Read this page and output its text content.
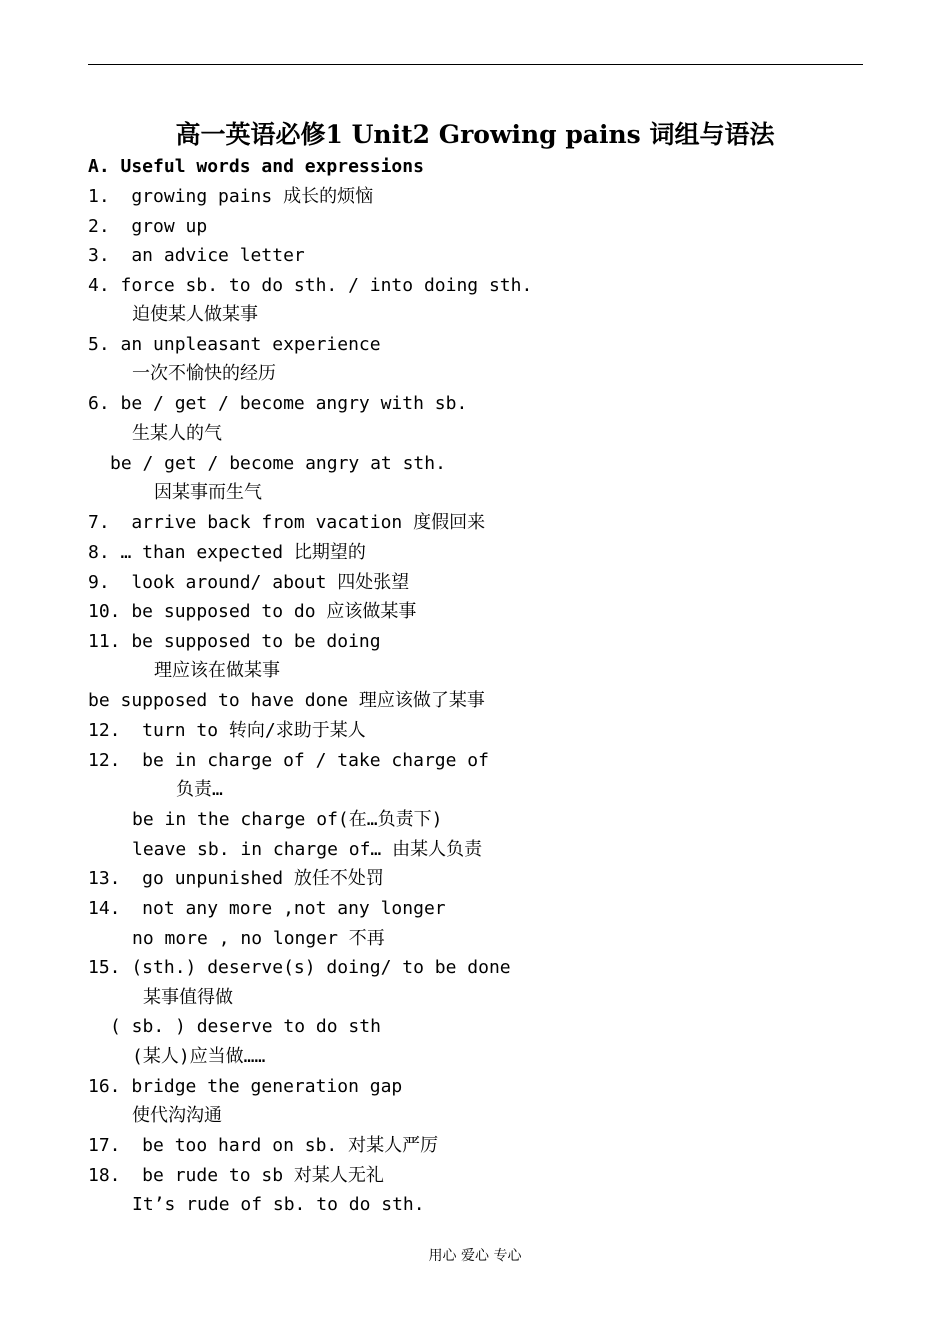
高一英语必修1 Unit2 Growing pains 词组与语法
A. Useful words and expressions
1.  growing pains 成长的烦恼
2.  grow up
3.  an advice letter
4. force sb. to do sth. / into doing sth.
迫使某人做某事
5. an unpleasant experience
一次不愉快的经历
6. be / get / become angry with sb.
生某人的气
be / get / become angry at sth.
因某事而生气
7.  arrive back from vacation 度假回来
8. … than expected 比期望的
9.  look around/ about 四处张望
10. be supposed to do 应该做某事
11. be supposed to be doing
理应该在做某事
be supposed to have done 理应该做了某事
12.  turn to 转向/求助于某人
12.  be in charge of / take charge of
负责…
be in the charge of(在…负责下)
leave sb. in charge of… 由某人负责
13.  go unpunished 放任不处罚
14.  not any more ,not any longer
no more , no longer 不再
15. (sth.) deserve(s) doing/ to be done
某事值得做
( sb. ) deserve to do sth
(某人)应当做……
16. bridge the generation gap
使代沟沟通
17.  be too hard on sb. 对某人严厉
18.  be rude to sb 对某人无礼
It’s rude of sb. to do sth.
用心 爱心 专心
